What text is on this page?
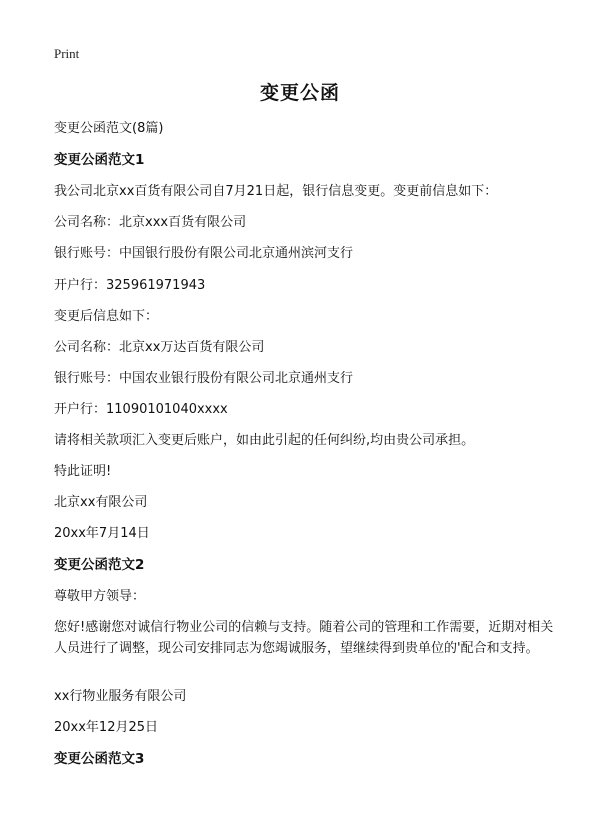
Print
变更公函
变更公函范文(8篇)
变更公函范文1
我公司北京xx百货有限公司自7月21日起，银行信息变更。变更前信息如下：
公司名称：北京xxx百货有限公司
银行账号：中国银行股份有限公司北京通州滨河支行
开户行：325961971943
变更后信息如下：
公司名称：北京xx万达百货有限公司
银行账号：中国农业银行股份有限公司北京通州支行
开户行：11090101040xxxx
请将相关款项汇入变更后账户，如由此引起的任何纠纷,均由贵公司承担。
特此证明!
北京xx有限公司
20xx年7月14日
变更公函范文2
尊敬甲方领导：
您好!感谢您对诚信行物业公司的信赖与支持。随着公司的管理和工作需要，近期对相关人员进行了调整，现公司安排同志为您竭诚服务，望继续得到贵单位的'配合和支持。
xx行物业服务有限公司
20xx年12月25日
变更公函范文3
